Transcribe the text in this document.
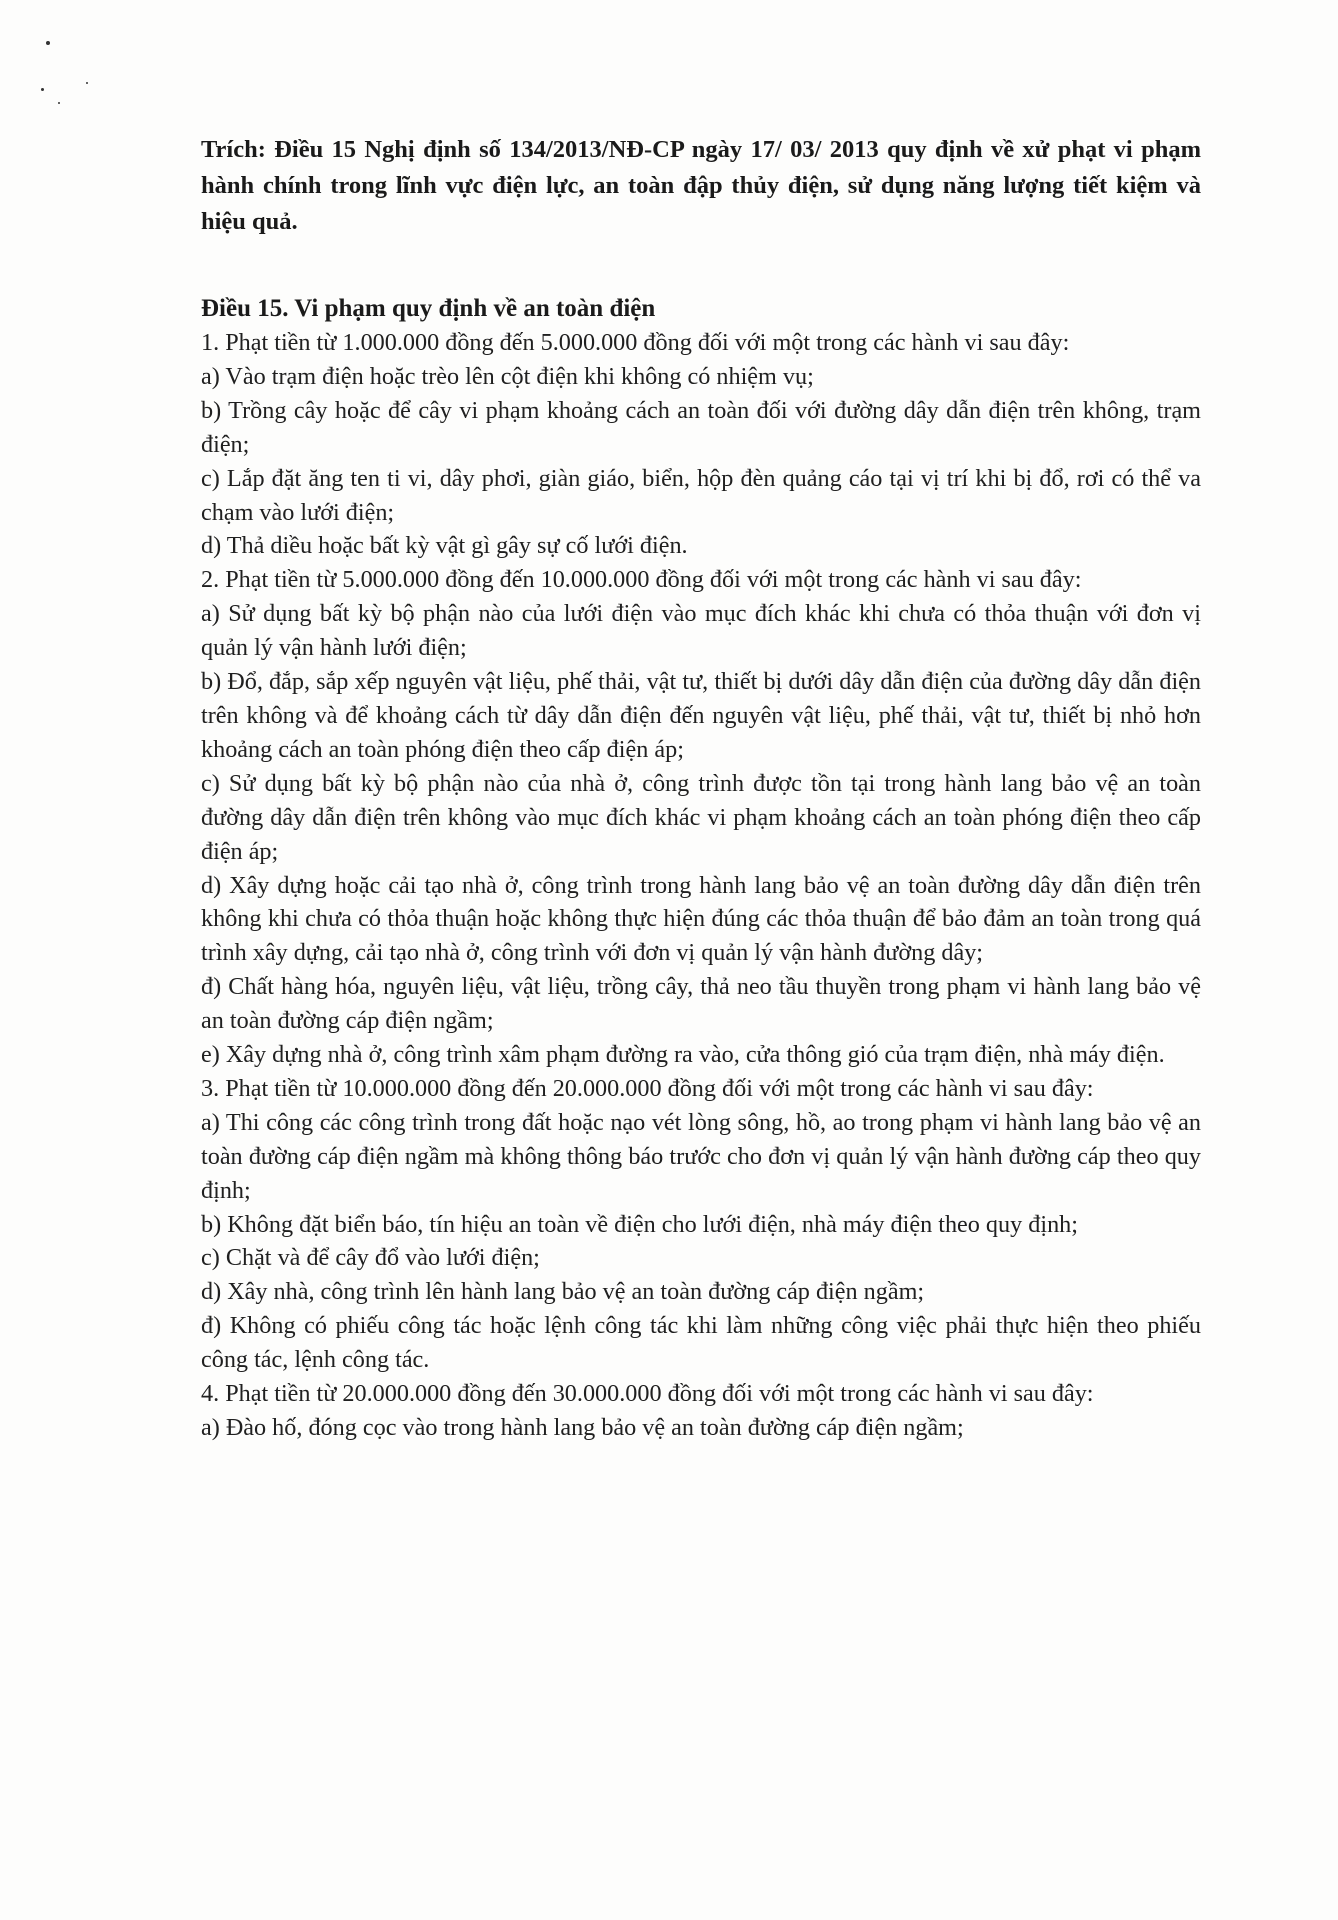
Trích: Điều 15 Nghị định số 134/2013/NĐ-CP ngày 17/ 03/ 2013 quy định về xử phạt vi phạm hành chính trong lĩnh vực điện lực, an toàn đập thủy điện, sử dụng năng lượng tiết kiệm và hiệu quả.

Điều 15. Vi phạm quy định về an toàn điện

1. Phạt tiền từ 1.000.000 đồng đến 5.000.000 đồng đối với một trong các hành vi sau đây:

a) Vào trạm điện hoặc trèo lên cột điện khi không có nhiệm vụ;

b) Trồng cây hoặc để cây vi phạm khoảng cách an toàn đối với đường dây dẫn điện trên không, trạm điện;

c) Lắp đặt ăng ten ti vi, dây phơi, giàn giáo, biển, hộp đèn quảng cáo tại vị trí khi bị đổ, rơi có thể va chạm vào lưới điện;

d) Thả diều hoặc bất kỳ vật gì gây sự cố lưới điện.

2. Phạt tiền từ 5.000.000 đồng đến 10.000.000 đồng đối với một trong các hành vi sau đây:

a) Sử dụng bất kỳ bộ phận nào của lưới điện vào mục đích khác khi chưa có thỏa thuận với đơn vị quản lý vận hành lưới điện;

b) Đổ, đắp, sắp xếp nguyên vật liệu, phế thải, vật tư, thiết bị dưới dây dẫn điện của đường dây dẫn điện trên không và để khoảng cách từ dây dẫn điện đến nguyên vật liệu, phế thải, vật tư, thiết bị nhỏ hơn khoảng cách an toàn phóng điện theo cấp điện áp;

c) Sử dụng bất kỳ bộ phận nào của nhà ở, công trình được tồn tại trong hành lang bảo vệ an toàn đường dây dẫn điện trên không vào mục đích khác vi phạm khoảng cách an toàn phóng điện theo cấp điện áp;

d) Xây dựng hoặc cải tạo nhà ở, công trình trong hành lang bảo vệ an toàn đường dây dẫn điện trên không khi chưa có thỏa thuận hoặc không thực hiện đúng các thỏa thuận để bảo đảm an toàn trong quá trình xây dựng, cải tạo nhà ở, công trình với đơn vị quản lý vận hành đường dây;

đ) Chất hàng hóa, nguyên liệu, vật liệu, trồng cây, thả neo tầu thuyền trong phạm vi hành lang bảo vệ an toàn đường cáp điện ngầm;

e) Xây dựng nhà ở, công trình xâm phạm đường ra vào, cửa thông gió của trạm điện, nhà máy điện.

3. Phạt tiền từ 10.000.000 đồng đến 20.000.000 đồng đối với một trong các hành vi sau đây:

a) Thi công các công trình trong đất hoặc nạo vét lòng sông, hồ, ao trong phạm vi hành lang bảo vệ an toàn đường cáp điện ngầm mà không thông báo trước cho đơn vị quản lý vận hành đường cáp theo quy định;

b) Không đặt biển báo, tín hiệu an toàn về điện cho lưới điện, nhà máy điện theo quy định;

c) Chặt và để cây đổ vào lưới điện;

d) Xây nhà, công trình lên hành lang bảo vệ an toàn đường cáp điện ngầm;

đ) Không có phiếu công tác hoặc lệnh công tác khi làm những công việc phải thực hiện theo phiếu công tác, lệnh công tác.

4. Phạt tiền từ 20.000.000 đồng đến 30.000.000 đồng đối với một trong các hành vi sau đây:

a) Đào hố, đóng cọc vào trong hành lang bảo vệ an toàn đường cáp điện ngầm;
